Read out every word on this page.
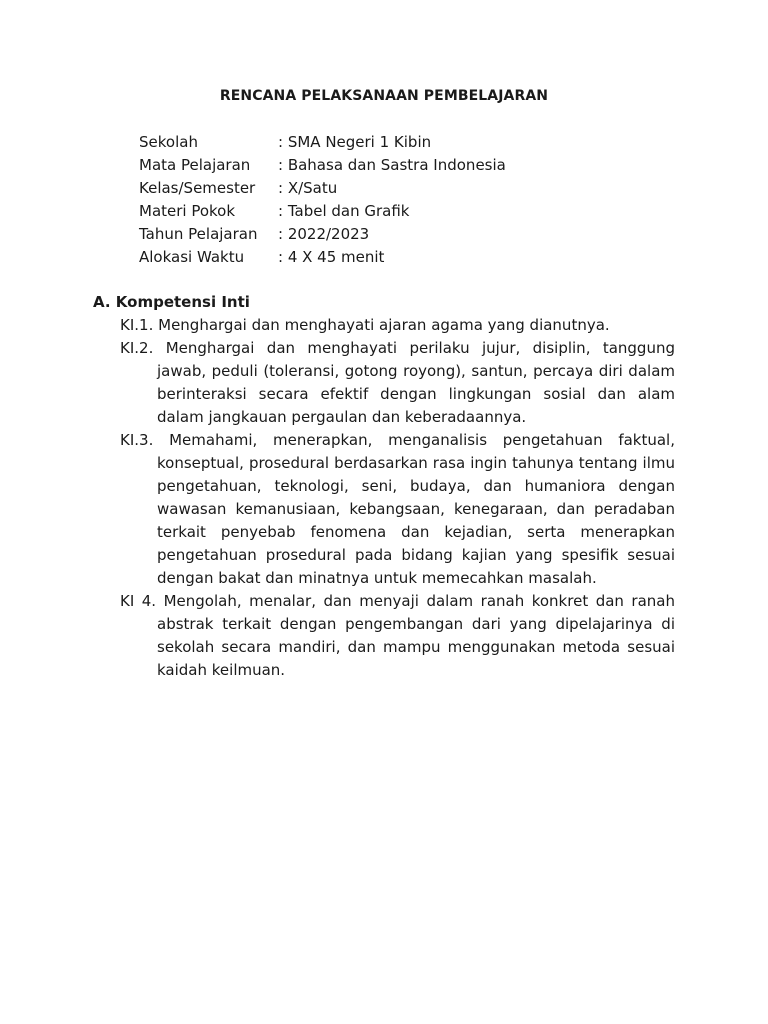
RENCANA PELAKSANAAN PEMBELAJARAN
Sekolah	: SMA Negeri 1 Kibin
Mata Pelajaran	: Bahasa dan Sastra Indonesia
Kelas/Semester	: X/Satu
Materi Pokok	: Tabel dan Grafik
Tahun Pelajaran	: 2022/2023
Alokasi Waktu	: 4 X 45 menit
A. Kompetensi Inti
KI.1. Menghargai dan menghayati ajaran agama yang dianutnya.
KI.2. Menghargai dan menghayati perilaku jujur, disiplin, tanggung jawab, peduli (toleransi, gotong royong), santun, percaya diri dalam berinteraksi secara efektif dengan lingkungan sosial dan alam dalam jangkauan pergaulan dan keberadaannya.
KI.3. Memahami, menerapkan, menganalisis pengetahuan faktual, konseptual, prosedural berdasarkan rasa ingin tahunya tentang ilmu pengetahuan, teknologi, seni, budaya, dan humaniora dengan wawasan kemanusiaan, kebangsaan, kenegaraan, dan peradaban terkait penyebab fenomena dan kejadian, serta menerapkan pengetahuan prosedural pada bidang kajian yang spesifik sesuai dengan bakat dan minatnya untuk memecahkan masalah.
KI 4. Mengolah, menalar, dan menyaji dalam ranah konkret dan ranah abstrak terkait dengan pengembangan dari yang dipelajarinya di sekolah secara mandiri, dan mampu menggunakan metoda sesuai kaidah keilmuan.
